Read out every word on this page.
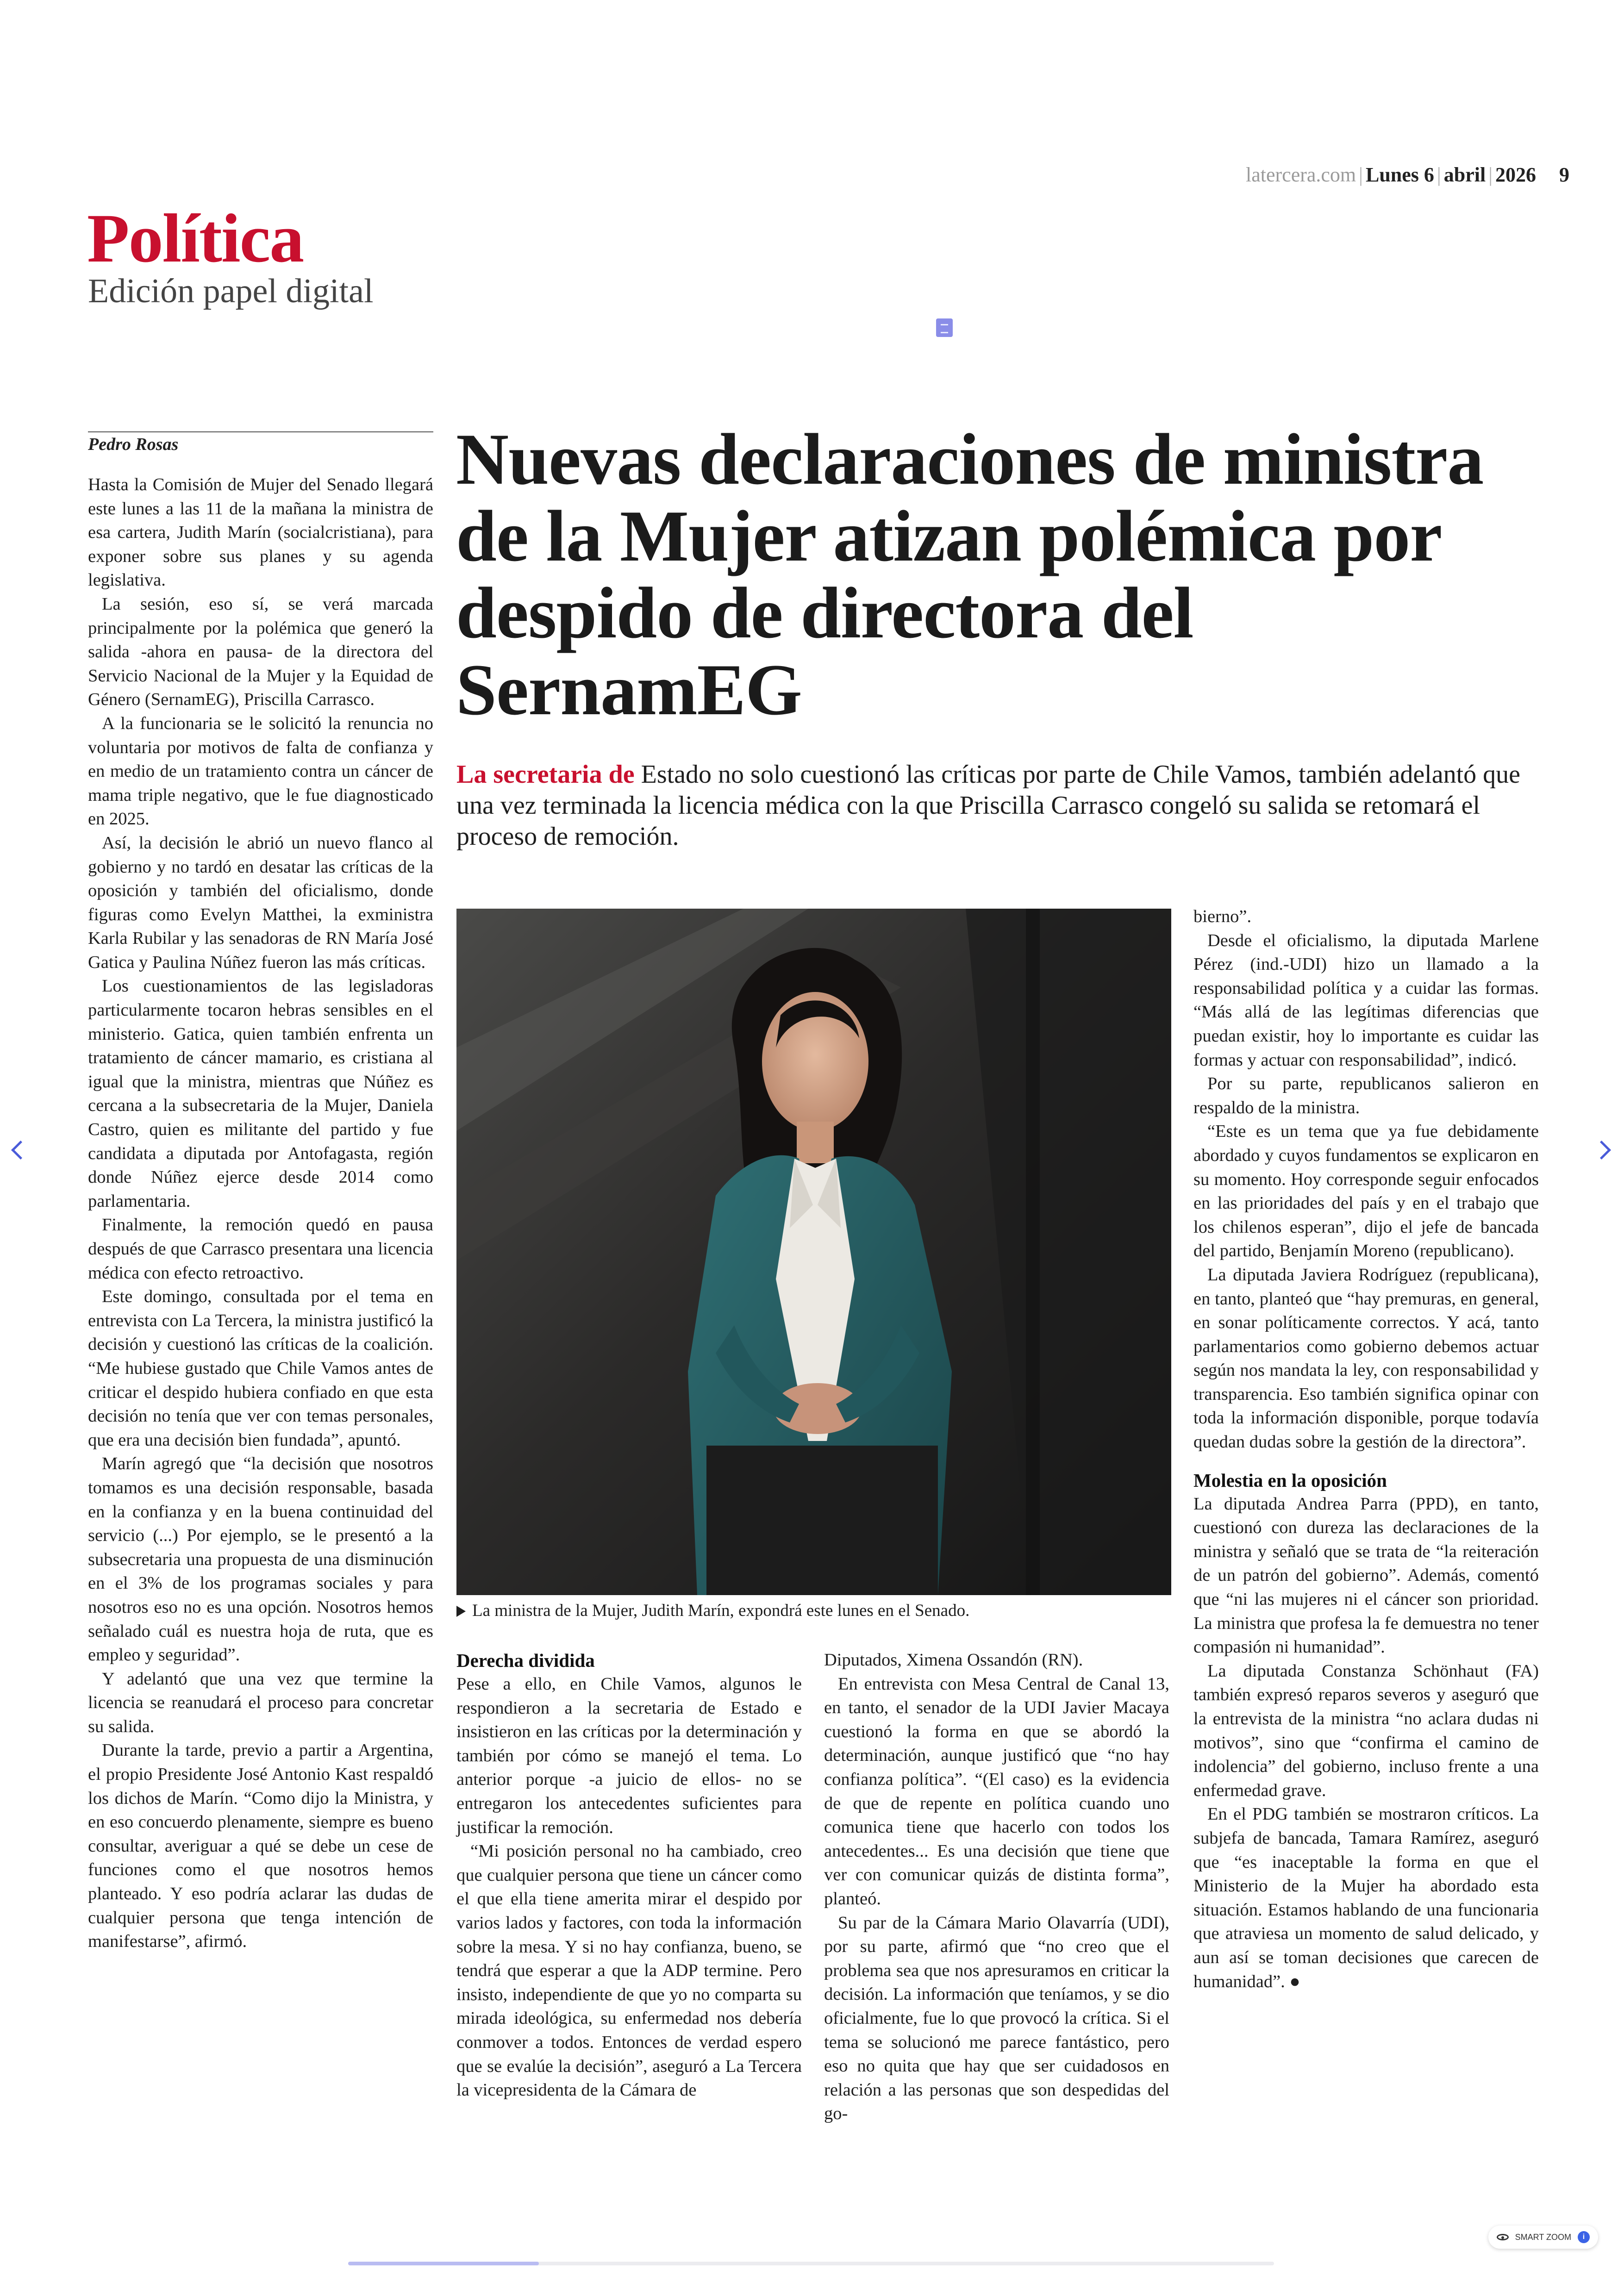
latercera.com | Lunes 6 | abril | 2026 9
Política
Edición papel digital
Pedro Rosas

Hasta la Comisión de Mujer del Senado llegará este lunes a las 11 de la mañana la ministra de esa cartera, Judith Marín (socialcristiana), para exponer sobre sus planes y su agenda legislativa.

La sesión, eso sí, se verá marcada principalmente por la polémica que generó la salida -ahora en pausa- de la directora del Servicio Nacional de la Mujer y la Equidad de Género (SernamEG), Priscilla Carrasco.

A la funcionaria se le solicitó la renuncia no voluntaria por motivos de falta de confianza y en medio de un tratamiento contra un cáncer de mama triple negativo, que le fue diagnosticado en 2025.

Así, la decisión le abrió un nuevo flanco al gobierno y no tardó en desatar las críticas de la oposición y también del oficialismo, donde figuras como Evelyn Matthei, la exministra Karla Rubilar y las senadoras de RN María José Gatica y Paulina Núñez fueron las más críticas.

Los cuestionamientos de las legisladoras particularmente tocaron hebras sensibles en el ministerio. Gatica, quien también enfrenta un tratamiento de cáncer mamario, es cristiana al igual que la ministra, mientras que Núñez es cercana a la subsecretaria de la Mujer, Daniela Castro, quien es militante del partido y fue candidata a diputada por Antofagasta, región donde Núñez ejerce desde 2014 como parlamentaria.

Finalmente, la remoción quedó en pausa después de que Carrasco presentara una licencia médica con efecto retroactivo.

Este domingo, consultada por el tema en entrevista con La Tercera, la ministra justificó la decisión y cuestionó las críticas de la coalición. “Me hubiese gustado que Chile Vamos antes de criticar el despido hubiera confiado en que esta decisión no tenía que ver con temas personales, que era una decisión bien fundada”, apuntó.

Marín agregó que “la decisión que nosotros tomamos es una decisión responsable, basada en la confianza y en la buena continuidad del servicio (...) Por ejemplo, se le presentó a la subsecretaria una propuesta de una disminución en el 3% de los programas sociales y para nosotros eso no es una opción. Nosotros hemos señalado cuál es nuestra hoja de ruta, que es empleo y seguridad”.

Y adelantó que una vez que termine la licencia se reanudará el proceso para concretar su salida.

Durante la tarde, previo a partir a Argentina, el propio Presidente José Antonio Kast respaldó los dichos de Marín. “Como dijo la Ministra, y en eso concuerdo plenamente, siempre es bueno consultar, averiguar a qué se debe un cese de funciones como el que nosotros hemos planteado. Y eso podría aclarar las dudas de cualquier persona que tenga intención de manifestarse”, afirmó.

Nuevas declaraciones de ministra de la Mujer atizan polémica por despido de directora del SernamEG
La secretaria de Estado no solo cuestionó las críticas por parte de Chile Vamos, también adelantó que una vez terminada la licencia médica con la que Priscilla Carrasco congeló su salida se retomará el proceso de remoción.
La ministra de la Mujer, Judith Marín, expondrá este lunes en el Senado.
Derecha dividida

Pese a ello, en Chile Vamos, algunos le respondieron a la secretaria de Estado e insistieron en las críticas por la determinación y también por cómo se manejó el tema. Lo anterior porque -a juicio de ellos- no se entregaron los antecedentes suficientes para justificar la remoción.

“Mi posición personal no ha cambiado, creo que cualquier persona que tiene un cáncer como el que ella tiene amerita mirar el despido por varios lados y factores, con toda la información sobre la mesa. Y si no hay confianza, bueno, se tendrá que esperar a que la ADP termine. Pero insisto, independiente de que yo no comparta su mirada ideológica, su enfermedad nos debería conmover a todos. Entonces de verdad espero que se evalúe la decisión”, aseguró a La Tercera la vicepresidenta de la Cámara de

Diputados, Ximena Ossandón (RN).

En entrevista con Mesa Central de Canal 13, en tanto, el senador de la UDI Javier Macaya cuestionó la forma en que se abordó la determinación, aunque justificó que “no hay confianza política”. “(El caso) es la evidencia de que de repente en política cuando uno comunica tiene que hacerlo con todos los antecedentes... Es una decisión que tiene que ver con comunicar quizás de distinta forma”, planteó.

Su par de la Cámara Mario Olavarría (UDI), por su parte, afirmó que “no creo que el problema sea que nos apresuramos en criticar la decisión. La información que teníamos, y se dio oficialmente, fue lo que provocó la crítica. Si el tema se solucionó me parece fantástico, pero eso no quita que hay que ser cuidadosos en relación a las personas que son despedidas del go-

bierno”.

Desde el oficialismo, la diputada Marlene Pérez (ind.-UDI) hizo un llamado a la responsabilidad política y a cuidar las formas. “Más allá de las legítimas diferencias que puedan existir, hoy lo importante es cuidar las formas y actuar con responsabilidad”, indicó.

Por su parte, republicanos salieron en respaldo de la ministra.

“Este es un tema que ya fue debidamente abordado y cuyos fundamentos se explicaron en su momento. Hoy corresponde seguir enfocados en las prioridades del país y en el trabajo que los chilenos esperan”, dijo el jefe de bancada del partido, Benjamín Moreno (republicano).

La diputada Javiera Rodríguez (republicana), en tanto, planteó que “hay premuras, en general, en sonar políticamente correctos. Y acá, tanto parlamentarios como gobierno debemos actuar según nos mandata la ley, con responsabilidad y transparencia. Eso también significa opinar con toda la información disponible, porque todavía quedan dudas sobre la gestión de la directora”.

Molestia en la oposición

La diputada Andrea Parra (PPD), en tanto, cuestionó con dureza las declaraciones de la ministra y señaló que se trata de “la reiteración de un patrón del gobierno”. Además, comentó que “ni las mujeres ni el cáncer son prioridad. La ministra que profesa la fe demuestra no tener compasión ni humanidad”.

La diputada Constanza Schönhaut (FA) también expresó reparos severos y aseguró que la entrevista de la ministra “no aclara dudas ni motivos”, sino que “confirma el camino de indolencia” del gobierno, incluso frente a una enfermedad grave.

En el PDG también se mostraron críticos. La subjefa de bancada, Tamara Ramírez, aseguró que “es inaceptable la forma en que el Ministerio de la Mujer ha abordado esta situación. Estamos hablando de una funcionaria que atraviesa un momento de salud delicado, y aun así se toman decisiones que carecen de humanidad”. ●

SMART ZOOM	i
